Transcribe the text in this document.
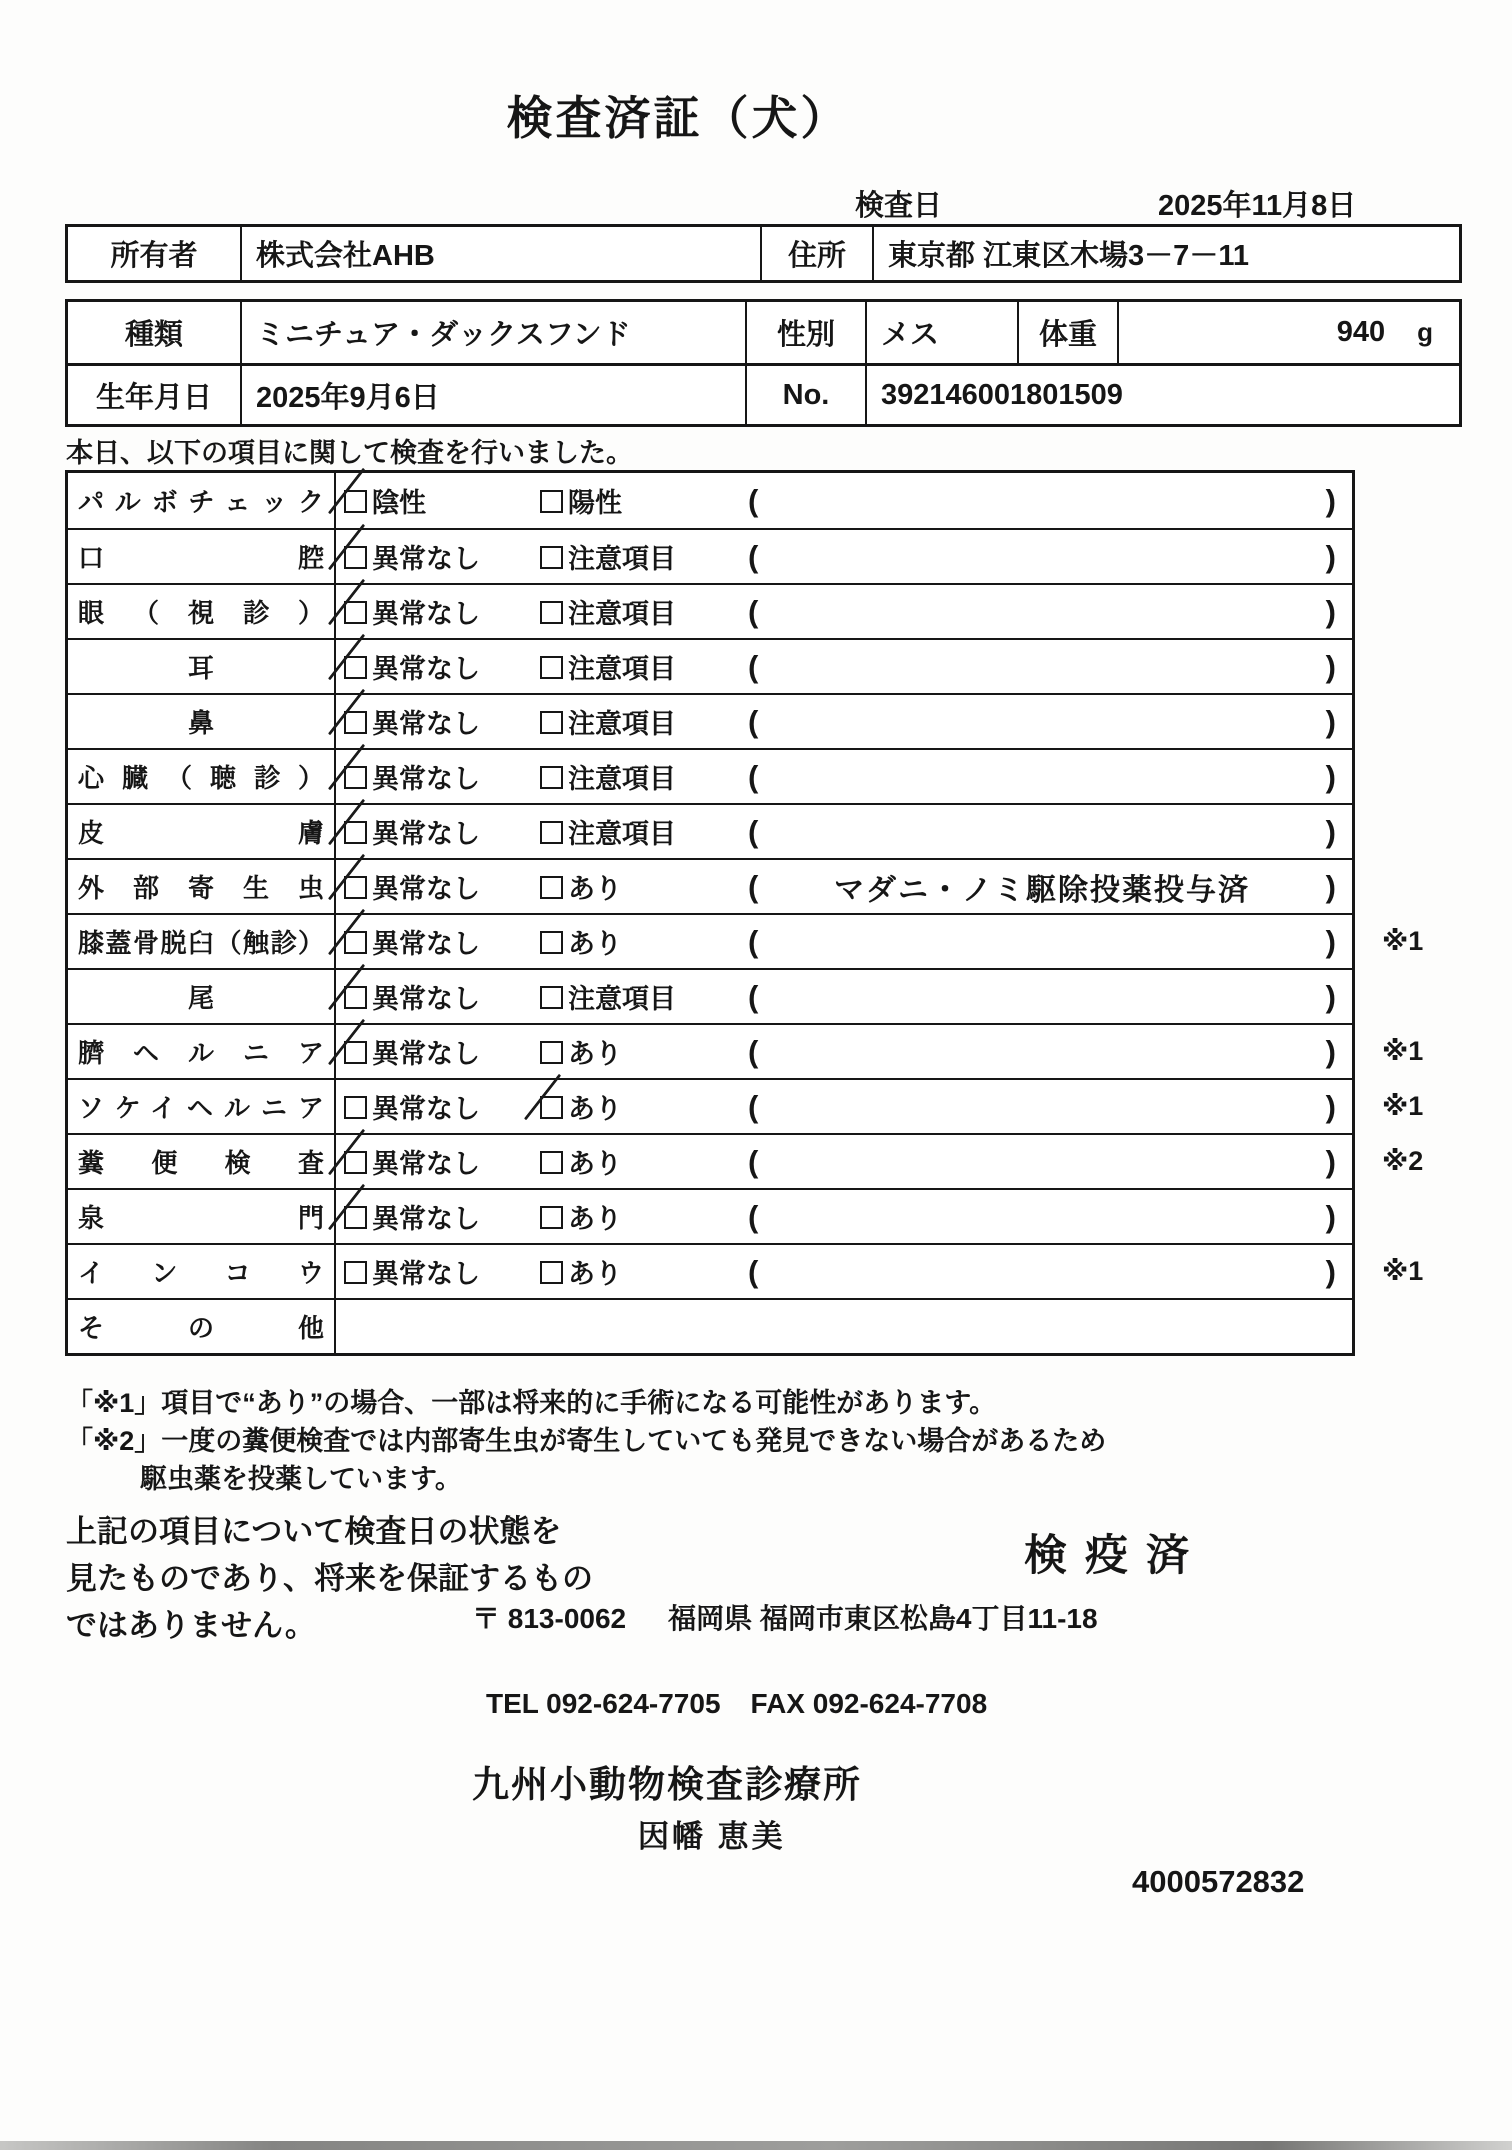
検査済証（犬）
検査日	2025年11月8日
所有者	株式会社AHB	住所	東京都 江東区木場3－7－11
種類	ミニチュア・ダックスフンド	性別	メス	体重	940 g
生年月日	2025年9月6日	No.	392146001801509
本日、以下の項目に関して検査を行いました。
パルボチェック 陰性	陽性	(	)
口腔 異常なし	注意項目	(	)
眼（視診） 異常なし	注意項目	(	)
耳	異常なし	注意項目	(	)
鼻	異常なし	注意項目	(	)
心臓（聴診） 異常なし	注意項目	(	)
皮膚 異常なし	注意項目	(	)
外部寄生虫 異常なし	あり	(	マダニ・ノミ駆除投薬投与済	)
膝蓋骨脱臼（触診） 異常なし	あり	(	)	※1
尾	異常なし	注意項目	(	)
臍ヘルニア 異常なし	あり	(	)	※1
ソケイヘルニア 異常なし	あり	(	)	※1
糞便検査 異常なし	あり	(	)	※2
泉門 異常なし	あり	(	)
インコウ 異常なし	あり	(	)	※1
その他
「※1」項目で“あり”の場合、一部は将来的に手術になる可能性があります。
「※2」一度の糞便検査では内部寄生虫が寄生していても発見できない場合があるため
駆虫薬を投薬しています。
上記の項目について検査日の状態を
見たものであり、将来を保証するもの
ではありません。
検疫済
〒 813-0062 福岡県 福岡市東区松島4丁目11-18
TEL 092-624-7705 FAX 092-624-7708
九州小動物検査診療所
因幡 恵美
4000572832
